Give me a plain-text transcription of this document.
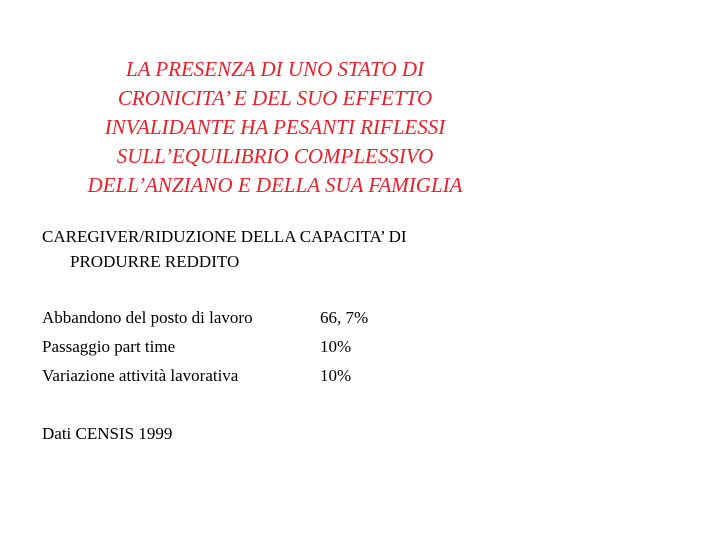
LA PRESENZA DI UNO STATO DI
CRONICITA’ E DEL SUO EFFETTO
INVALIDANTE HA PESANTI RIFLESSI
SULL’EQUILIBRIO COMPLESSIVO
DELL’ANZIANO E DELLA SUA FAMIGLIA
CAREGIVER/RIDUZIONE DELLA CAPACITA’ DI
PRODURRE REDDITO
Abbandono del posto di lavoro	66, 7%
Passaggio part time	10%
Variazione attività lavorativa	10%
Dati CENSIS 1999
